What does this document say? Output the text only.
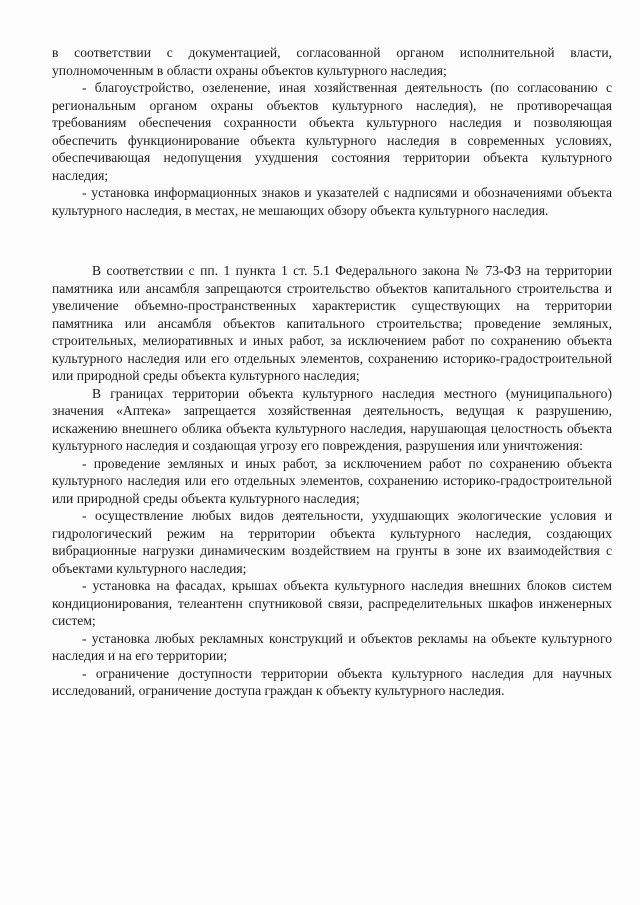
в соответствии с документацией, согласованной органом исполнительной власти, уполномоченным в области охраны объектов культурного наследия;

- благоустройство, озеленение, иная хозяйственная деятельность (по согласованию с региональным органом охраны объектов культурного наследия), не противоречащая требованиям обеспечения сохранности объекта культурного наследия и позволяющая обеспечить функционирование объекта культурного наследия в современных условиях, обеспечивающая недопущения ухудшения состояния территории объекта культурного наследия;

- установка информационных знаков и указателей с надписями и обозначениями объекта культурного наследия, в местах, не мешающих обзору объекта культурного наследия.

В соответствии с пп. 1 пункта 1 ст. 5.1 Федерального закона № 73-ФЗ на территории памятника или ансамбля запрещаются строительство объектов капитального строительства и увеличение объемно-пространственных характеристик существующих на территории памятника или ансамбля объектов капитального строительства; проведение земляных, строительных, мелиоративных и иных работ, за исключением работ по сохранению объекта культурного наследия или его отдельных элементов, сохранению историко-градостроительной или природной среды объекта культурного наследия;

В границах территории объекта культурного наследия местного (муниципального) значения «Аптека» запрещается хозяйственная деятельность, ведущая к разрушению, искажению внешнего облика объекта культурного наследия, нарушающая целостность объекта культурного наследия и создающая угрозу его повреждения, разрушения или уничтожения:

- проведение земляных и иных работ, за исключением работ по сохранению объекта культурного наследия или его отдельных элементов, сохранению историко-градостроительной или природной среды объекта культурного наследия;

- осуществление любых видов деятельности, ухудшающих экологические условия и гидрологический режим на территории объекта культурного наследия, создающих вибрационные нагрузки динамическим воздействием на грунты в зоне их взаимодействия с объектами культурного наследия;

- установка на фасадах, крышах объекта культурного наследия внешних блоков систем кондиционирования, телеантенн спутниковой связи, распределительных шкафов инженерных систем;

- установка любых рекламных конструкций и объектов рекламы на объекте культурного наследия и на его территории;

- ограничение доступности территории объекта культурного наследия для научных исследований, ограничение доступа граждан к объекту культурного наследия.
